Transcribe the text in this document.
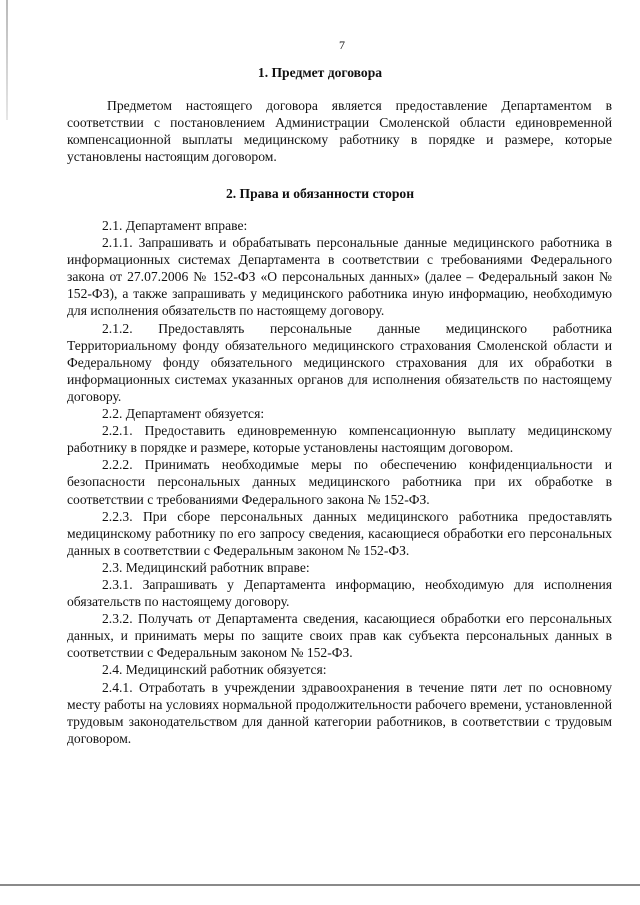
7
1. Предмет договора

Предметом настоящего договора является предоставление Департаментом в соответствии с постановлением Администрации Смоленской области единовременной компенсационной выплаты медицинскому работнику в порядке и размере, которые установлены настоящим договором.

2. Права и обязанности сторон

2.1. Департамент вправе:

2.1.1. Запрашивать и обрабатывать персональные данные медицинского работника в информационных системах Департамента в соответствии с требованиями Федерального закона от 27.07.2006 № 152-ФЗ «О персональных данных» (далее – Федеральный закон № 152-ФЗ), а также запрашивать у медицинского работника иную информацию, необходимую для исполнения обязательств по настоящему договору.

2.1.2. Предоставлять персональные данные медицинского работника Территориальному фонду обязательного медицинского страхования Смоленской области и Федеральному фонду обязательного медицинского страхования для их обработки в информационных системах указанных органов для исполнения обязательств по настоящему договору.

2.2. Департамент обязуется:

2.2.1. Предоставить единовременную компенсационную выплату медицинскому работнику в порядке и размере, которые установлены настоящим договором.

2.2.2. Принимать необходимые меры по обеспечению конфиденциальности и безопасности персональных данных медицинского работника при их обработке в соответствии с требованиями Федерального закона № 152-ФЗ.

2.2.3. При сборе персональных данных медицинского работника предоставлять медицинскому работнику по его запросу сведения, касающиеся обработки его персональных данных в соответствии с Федеральным законом № 152-ФЗ.

2.3. Медицинский работник вправе:

2.3.1. Запрашивать у Департамента информацию, необходимую для исполнения обязательств по настоящему договору.

2.3.2. Получать от Департамента сведения, касающиеся обработки его персональных данных, и принимать меры по защите своих прав как субъекта персональных данных в соответствии с Федеральным законом № 152-ФЗ.

2.4. Медицинский работник обязуется:

2.4.1. Отработать в учреждении здравоохранения в течение пяти лет по основному месту работы на условиях нормальной продолжительности рабочего времени, установленной трудовым законодательством для данной категории работников, в соответствии с трудовым договором.
